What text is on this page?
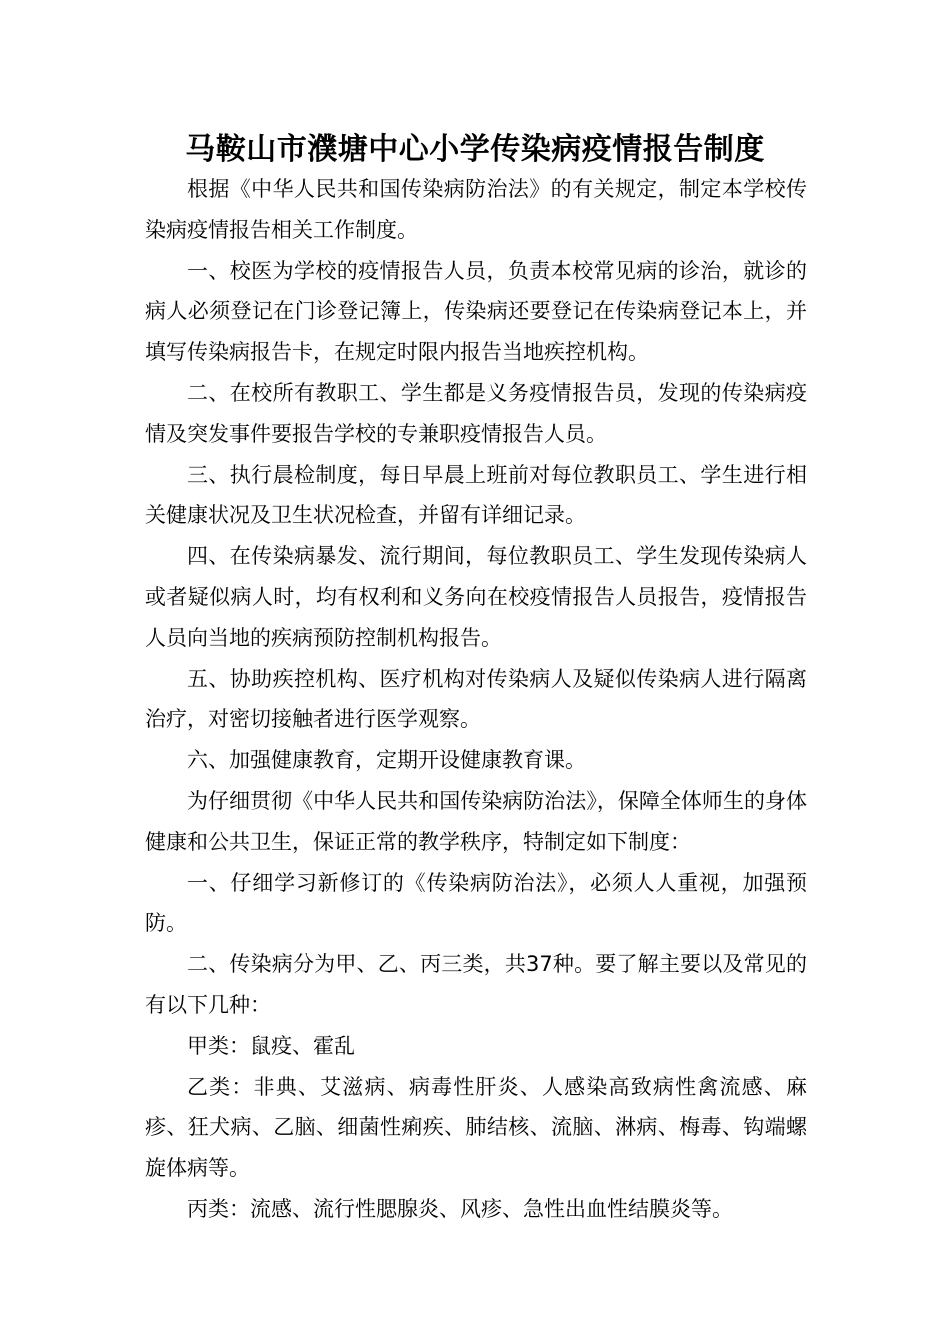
马鞍山市濮塘中心小学传染病疫情报告制度

根据《中华人民共和国传染病防治法》的有关规定，制定本学校传染病疫情报告相关工作制度。

一、校医为学校的疫情报告人员，负责本校常见病的诊治，就诊的病人必须登记在门诊登记簿上，传染病还要登记在传染病登记本上，并填写传染病报告卡，在规定时限内报告当地疾控机构。

二、在校所有教职工、学生都是义务疫情报告员，发现的传染病疫情及突发事件要报告学校的专兼职疫情报告人员。

三、执行晨检制度，每日早晨上班前对每位教职员工、学生进行相关健康状况及卫生状况检查，并留有详细记录。

四、在传染病暴发、流行期间，每位教职员工、学生发现传染病人或者疑似病人时，均有权利和义务向在校疫情报告人员报告，疫情报告人员向当地的疾病预防控制机构报告。

五、协助疾控机构、医疗机构对传染病人及疑似传染病人进行隔离治疗，对密切接触者进行医学观察。

六、加强健康教育，定期开设健康教育课。

为仔细贯彻《中华人民共和国传染病防治法》，保障全体师生的身体健康和公共卫生，保证正常的教学秩序，特制定如下制度：

一、仔细学习新修订的《传染病防治法》，必须人人重视，加强预防。

二、传染病分为甲、乙、丙三类，共37种。要了解主要以及常见的有以下几种：

甲类：鼠疫、霍乱

乙类：非典、艾滋病、病毒性肝炎、人感染高致病性禽流感、麻疹、狂犬病、乙脑、细菌性痢疾、肺结核、流脑、淋病、梅毒、钩端螺旋体病等。

丙类：流感、流行性腮腺炎、风疹、急性出血性结膜炎等。
